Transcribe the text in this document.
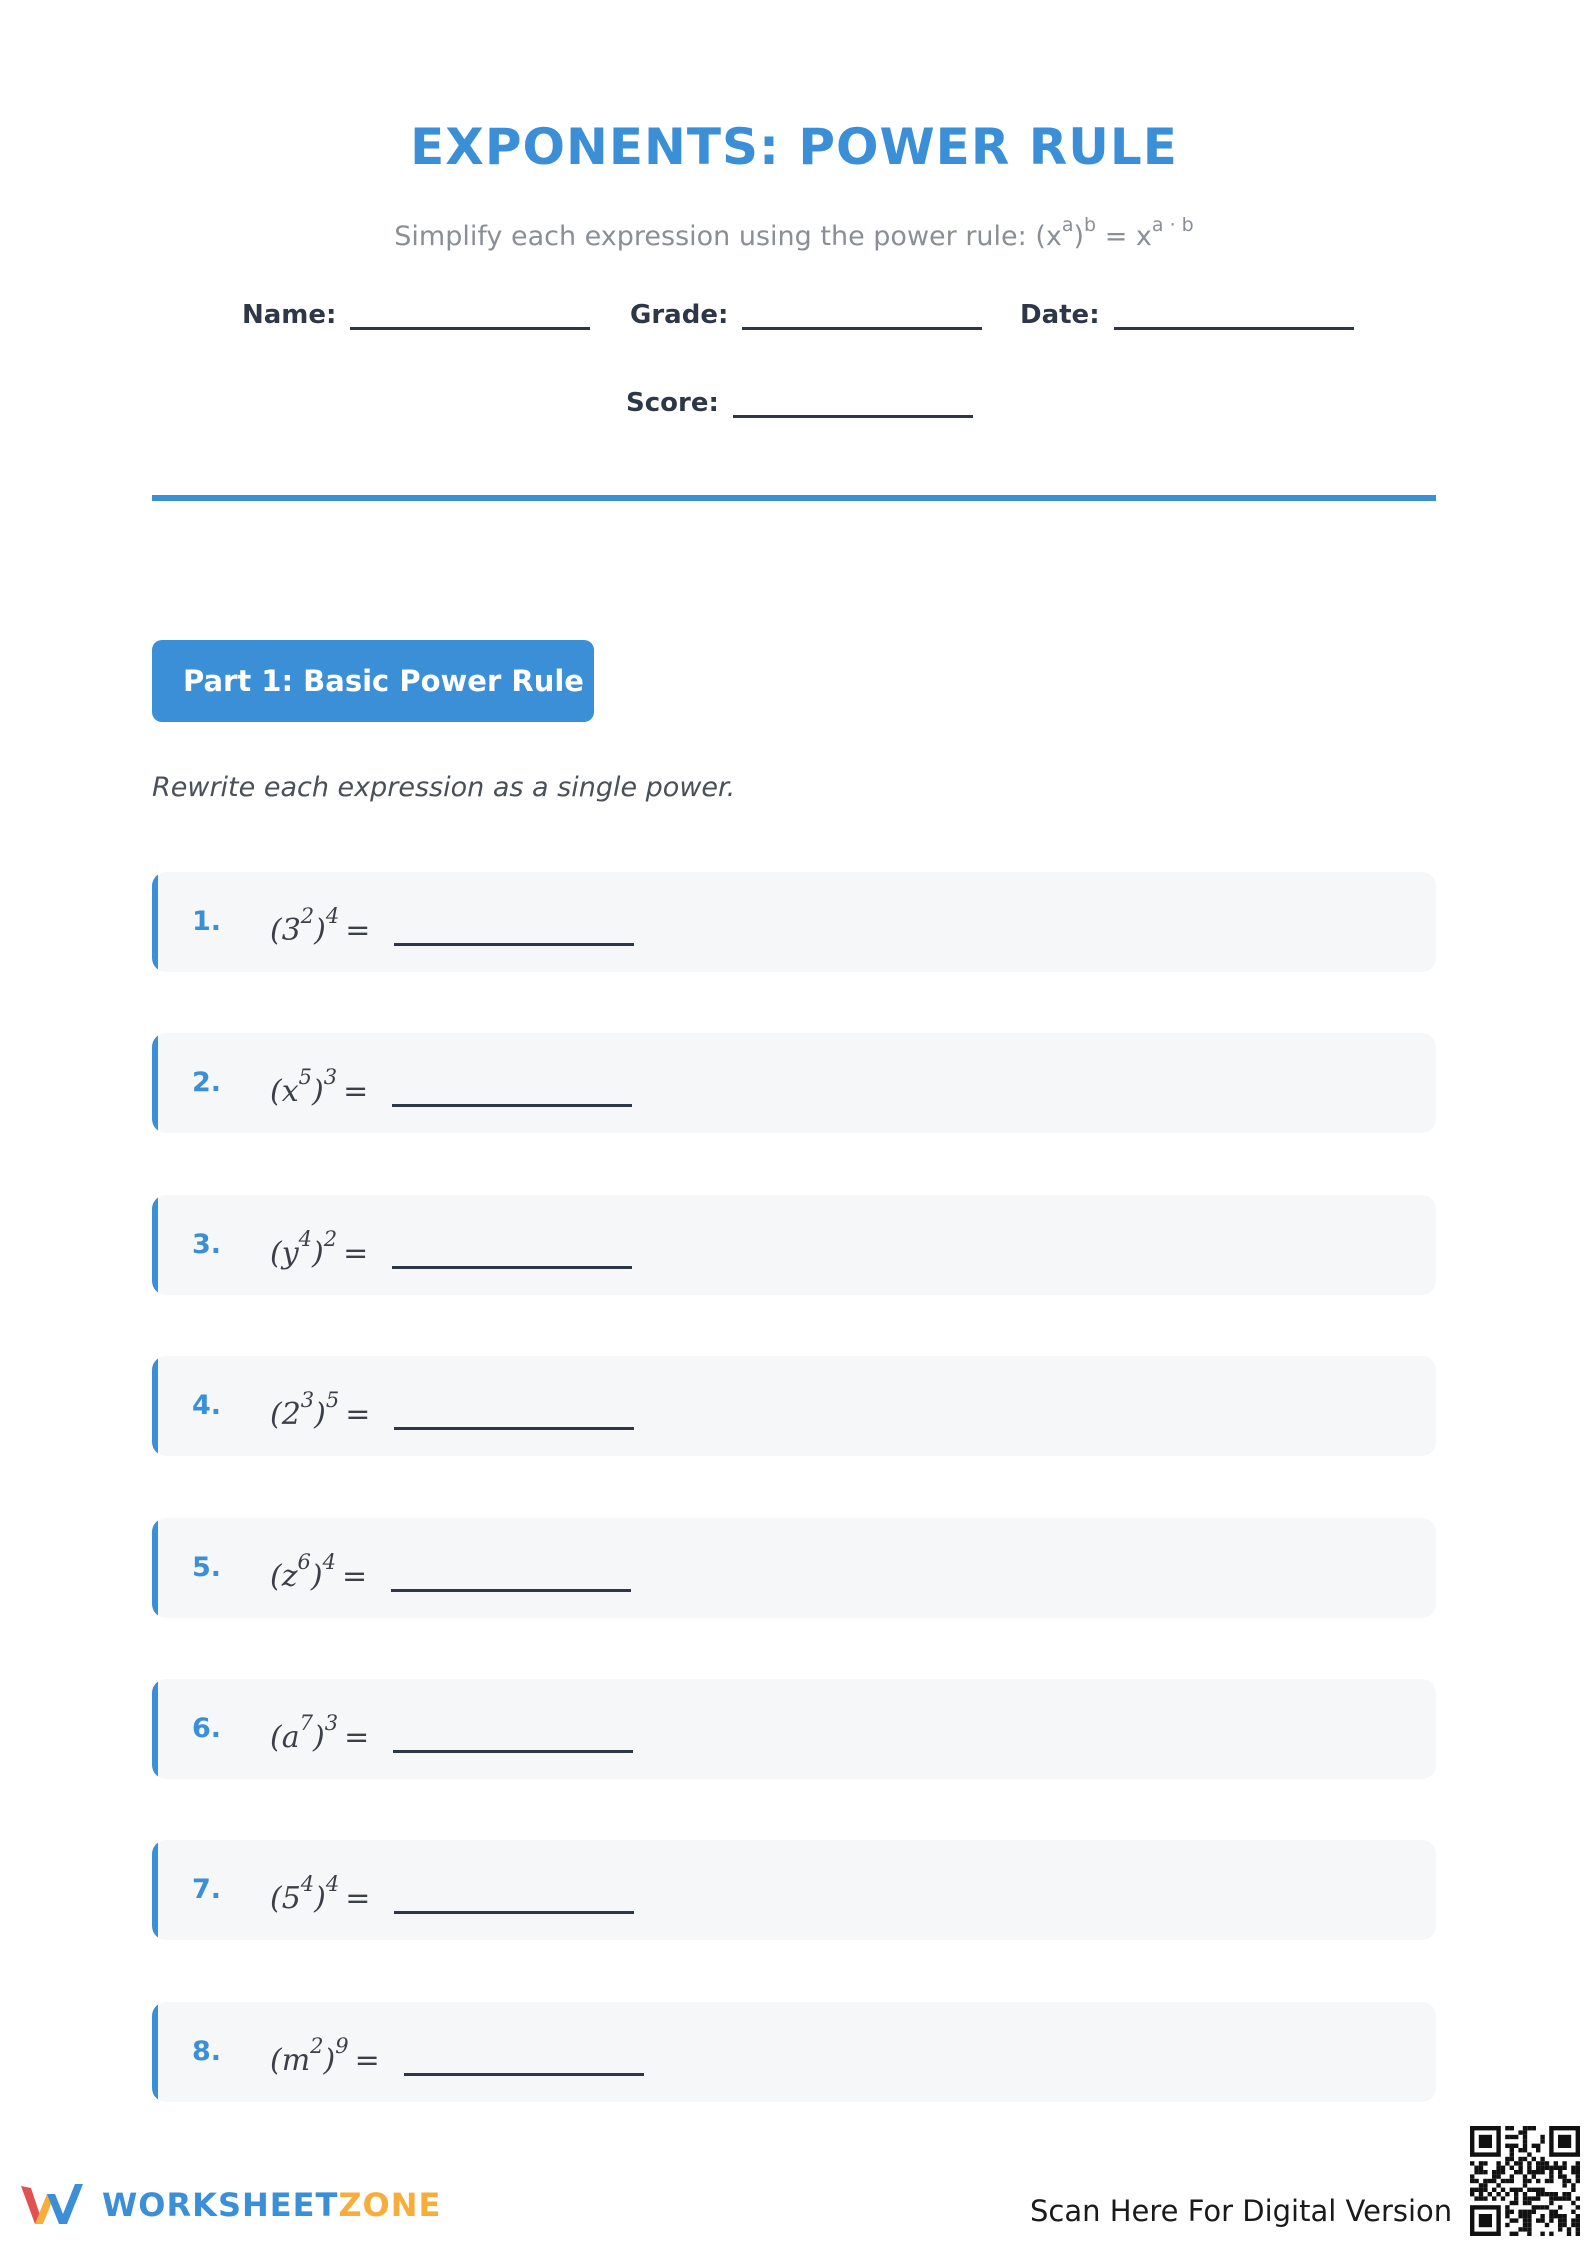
EXPONENTS: POWER RULE
Simplify each expression using the power rule: $(x^a)^b = x^{a \cdot b}$
Name:	Grade:	Date:
Score:
Part 1: Basic Power Rule
Rewrite each expression as a single power.
1. $(3^2)^4$ =
2. $(x^5)^3$ =
3. $(y^4)^2$ =
4. $(2^3)^5$ =
5. $(z^6)^4$ =
6. $(a^7)^3$ =
7. $(5^4)^4$ =
8. $(m^2)^9$ =
WORKSHEETZONE	Scan Here For Digital Version
